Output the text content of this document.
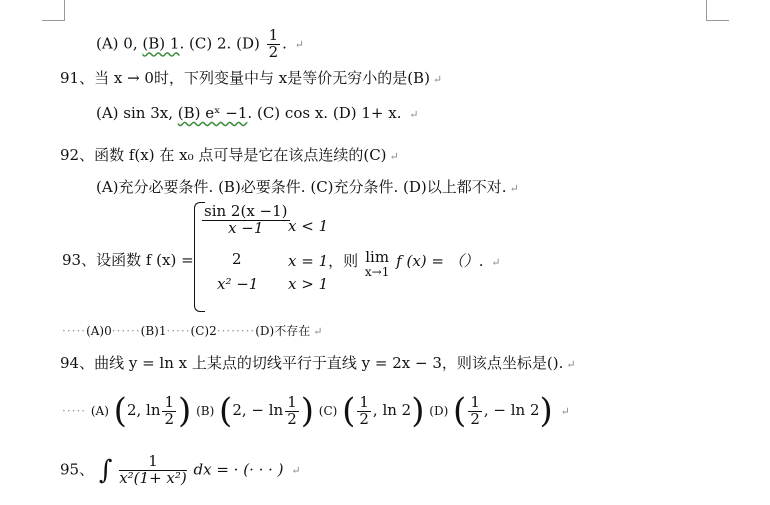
(A) 0, (B) 1. (C) 2. $(D) \frac{1}{2}$ . ↵
91、当 x → 0时，下列变量中与 x是等价无穷小的是(B) ↵
(A) sin 3x, (B) eˣ −1. (C) cos x. (D) 1+ x. ↵
92、函数 f(x) 在 x₀ 点可导是它在该点连续的(C) ↵
(A)充分必要条件. (B)必要条件. (C)充分条件. (D)以上都不对. ↵
93、设函数 f (x) =
$\frac{\sin 2(x -1)}{x -1}$
x < 1
2	x = 1，则 lim
x→1
f (x) = （）. ↵
x² −1 x > 1
·····(A)0······(B)1·····(C)2········(D)不存在 ↵
94、曲线 y = ln x 上某点的切线平行于直线 y = 2x − 3，则该点坐标是(). ↵
····· (A) (2, $\ln \frac{1}{2}$ ) (B) (2, − $\ln \frac{1}{2}$ ) (C) ( $\frac{1}{2}$ , ln 2) (D) ( $\frac{1}{2}$ , − ln 2) ↵
95、 ∫ $\frac{1}{\text{x²(1+ x²)}}$ dx = · (· · · ) ↵
